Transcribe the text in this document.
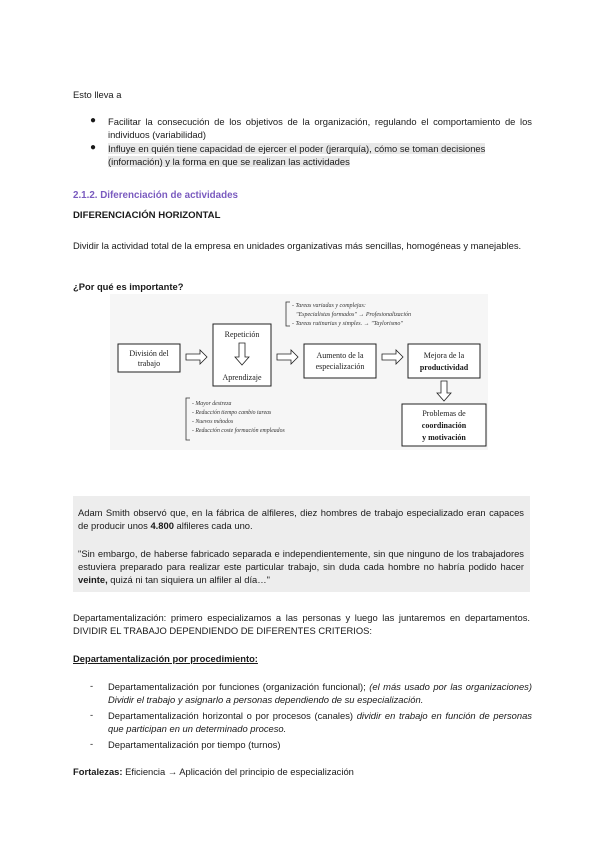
Esto lleva a
● Facilitar la consecución de los objetivos de la organización, regulando el comportamiento de los individuos (variabilidad)
● Influye en quién tiene capacidad de ejercer el poder (jerarquía), cómo se toman decisiones (información) y la forma en que se realizan las actividades
2.1.2. Diferenciación de actividades
DIFERENCIACIÓN HORIZONTAL
Dividir la actividad total de la empresa en unidades organizativas más sencillas, homogéneas y manejables.
¿Por qué es importante?
- Tareas variadas y complejas:
"Especialistas formados" → Profesionalización
- Tareas rutinarias y simples. → "Taylorismo"
División del
trabajo
Repetición
Aprendizaje
Aumento de la
especialización
Mejora de la
productividad
Problemas de
coordinación
y motivación
- Mayor destreza
- Reducción tiempo cambio tareas
- Nuevos métodos
- Reducción coste formación empleados
Adam Smith observó que, en la fábrica de alfileres, diez hombres de trabajo especializado eran capaces de producir unos 4.800 alfileres cada uno.
"Sin embargo, de haberse fabricado separada e independientemente, sin que ninguno de los trabajadores estuviera preparado para realizar este particular trabajo, sin duda cada hombre no habría podido hacer veinte, quizá ni tan siquiera un alfiler al día…"
Departamentalización: primero especializamos a las personas y luego las juntaremos en departamentos. DIVIDIR EL TRABAJO DEPENDIENDO DE DIFERENTES CRITERIOS:
Departamentalización por procedimiento:
- Departamentalización por funciones (organización funcional); (el más usado por las organizaciones) Dividir el trabajo y asignarlo a personas dependiendo de su especialización.
- Departamentalización horizontal o por procesos (canales) dividir en trabajo en función de personas que participan en un determinado proceso.
- Departamentalización por tiempo (turnos)
Fortalezas: Eficiencia → Aplicación del principio de especialización
